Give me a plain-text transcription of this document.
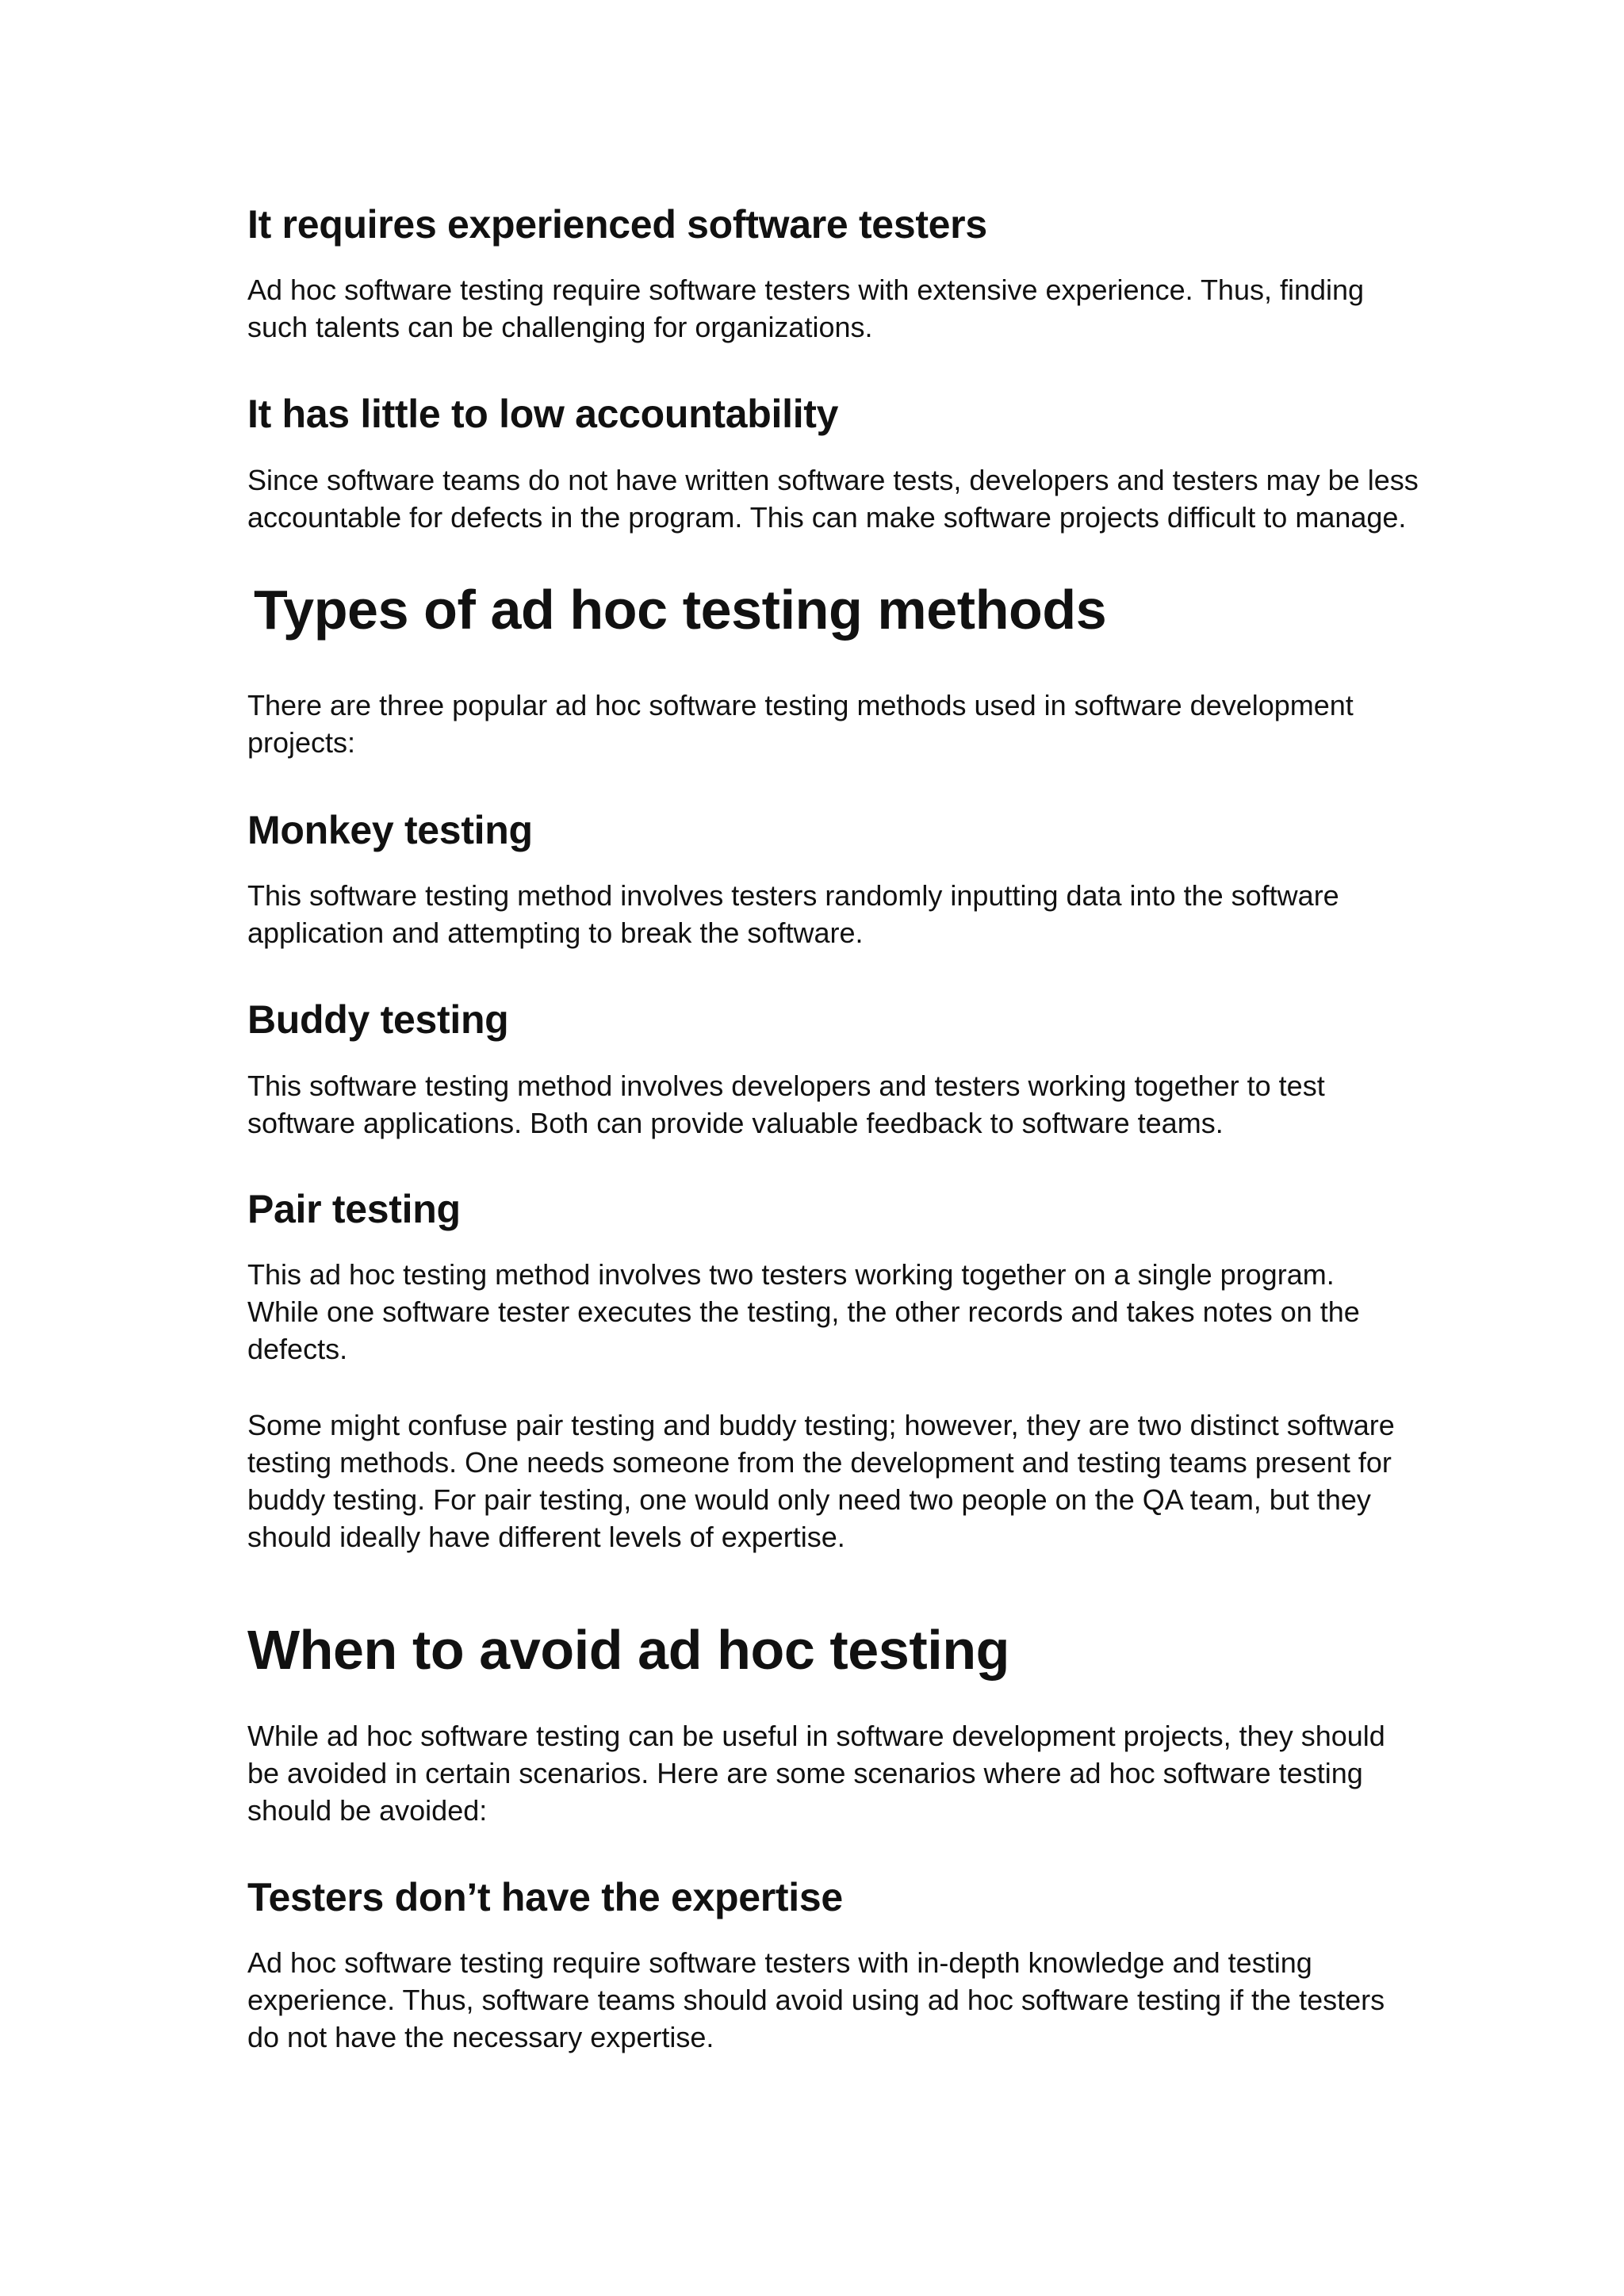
It requires experienced software testers

Ad hoc software testing require software testers with extensive experience. Thus, finding
such talents can be challenging for organizations.

It has little to low accountability

Since software teams do not have written software tests, developers and testers may be less
accountable for defects in the program. This can make software projects difficult to manage.

Types of ad hoc testing methods

There are three popular ad hoc software testing methods used in software development
projects:

Monkey testing

This software testing method involves testers randomly inputting data into the software
application and attempting to break the software.

Buddy testing

This software testing method involves developers and testers working together to test
software applications. Both can provide valuable feedback to software teams.

Pair testing

This ad hoc testing method involves two testers working together on a single program.
While one software tester executes the testing, the other records and takes notes on the
defects.

Some might confuse pair testing and buddy testing; however, they are two distinct software
testing methods. One needs someone from the development and testing teams present for
buddy testing. For pair testing, one would only need two people on the QA team, but they
should ideally have different levels of expertise.

When to avoid ad hoc testing

While ad hoc software testing can be useful in software development projects, they should
be avoided in certain scenarios. Here are some scenarios where ad hoc software testing
should be avoided:

Testers don’t have the expertise

Ad hoc software testing require software testers with in-depth knowledge and testing
experience. Thus, software teams should avoid using ad hoc software testing if the testers
do not have the necessary expertise.
